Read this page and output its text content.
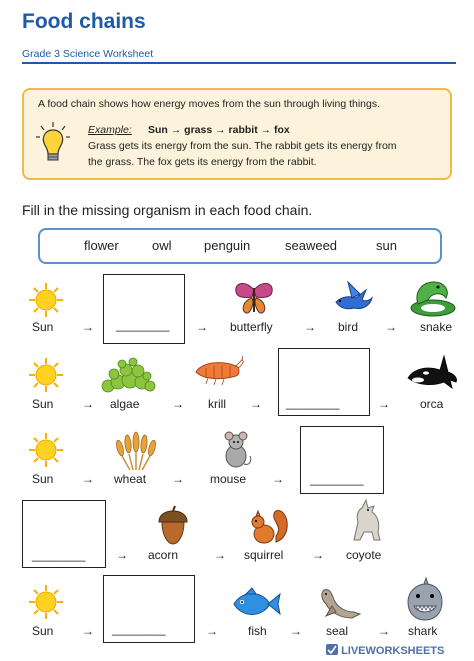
Food chains
Grade 3 Science Worksheet
A food chain shows how energy moves from the sun through living things.
Example: Sun → grass → rabbit → fox
Grass gets its energy from the sun. The rabbit gets its energy from
the grass. The fox gets its energy from the rabbit.
Fill in the missing organism in each food chain.
flower	owl penguin	seaweed	sun
Sun → ________ → butterfly	→ bird → snake
Sun → algae	→ krill → ________	→	orca
Sun → wheat → mouse → ________
________	→ acorn	→ squirrel → coyote
Sun → ________	→	fish → seal → shark
LIVEWORKSHEETS
